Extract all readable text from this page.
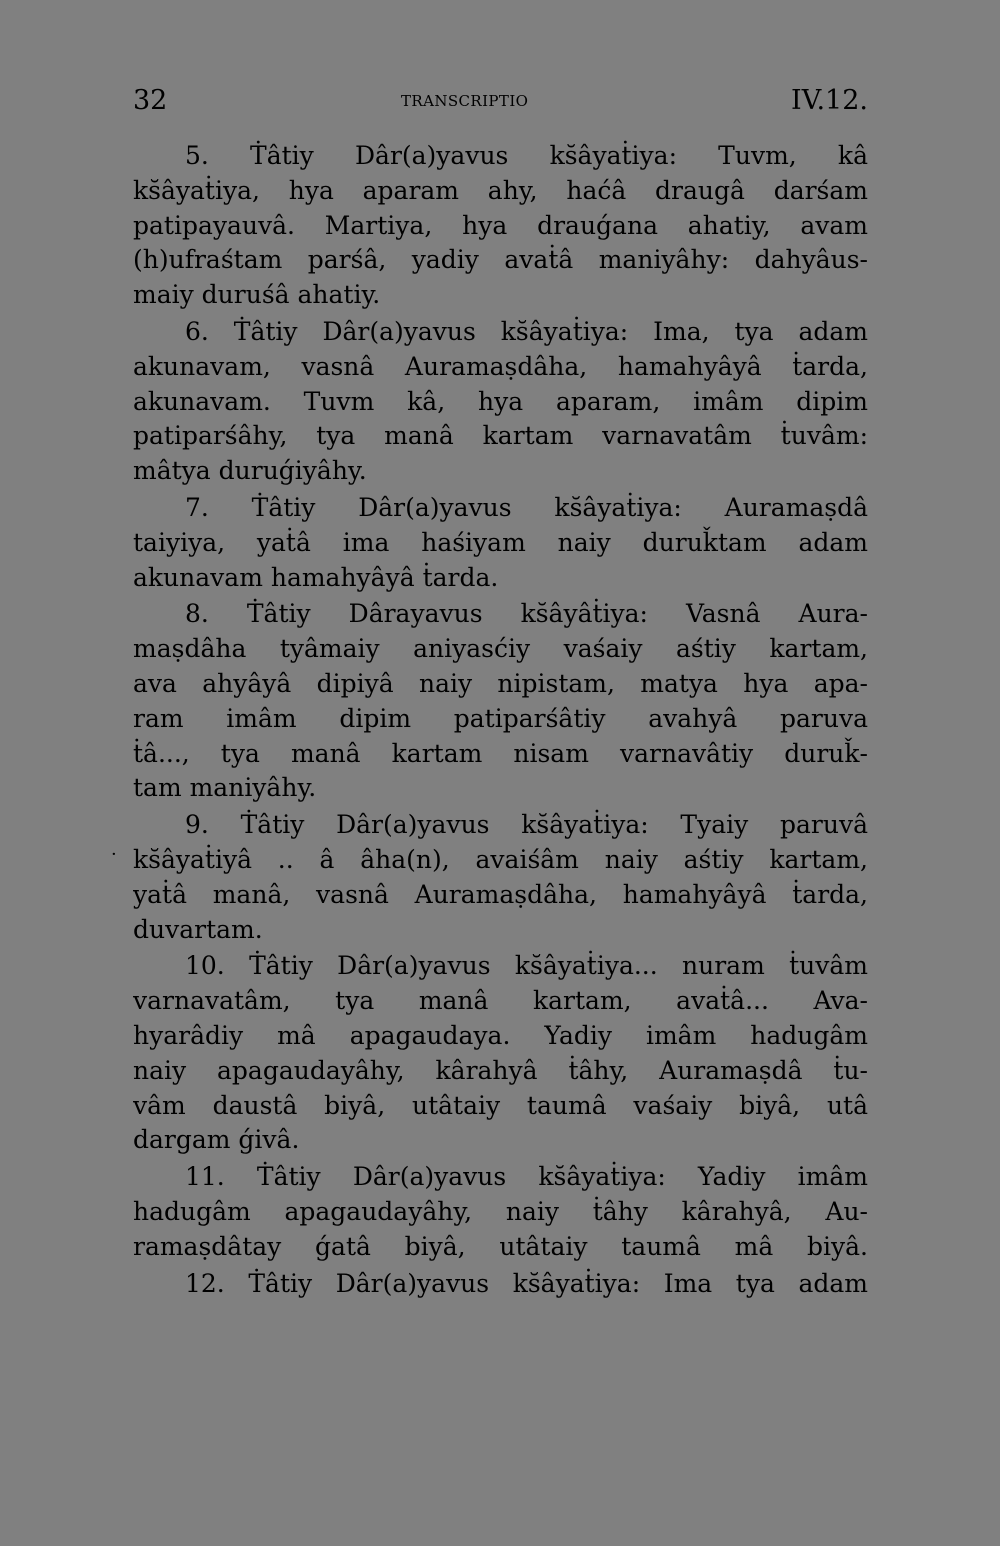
32	TRANSCRIPTIO	IV.12.
·
5. Ṫâtiy Dâr(a)yavus ks̆âyaṫiya: Tuvm, kâ
ks̆âyaṫiya, hya aparam ahy, haćâ draugâ darśam
patipayauvâ. Martiya, hya drauǵana ahatiy, avam
(h)ufraśtam parśâ, yadiy avaṫâ maniyâhy: dahyâus-
maiy duruśâ ahatiy.
6. Ṫâtiy Dâr(a)yavus ks̆âyaṫiya: Ima, tya adam
akunavam, vasnâ Auramaṣdâha, hamahyâyâ ṫarda,
akunavam. Tuvm kâ, hya aparam, imâm dipim
patiparśâhy, tya manâ kartam varnavatâm ṫuvâm:
mâtya duruǵiyâhy.
7. Ṫâtiy Dâr(a)yavus ks̆âyaṫiya: Auramaṣdâ
taiyiya, yaṫâ ima haśiyam naiy duruǩtam adam
akunavam hamahyâyâ ṫarda.
8. Ṫâtiy Dârayavus ks̆âyâṫiya: Vasnâ Aura-
maṣdâha tyâmaiy aniyasćiy vaśaiy aśtiy kartam,
ava ahyâyâ dipiyâ naiy nipistam, matya hya apa-
ram imâm dipim patiparśâtiy avahyâ paruva
ṫâ..., tya manâ kartam nisam varnavâtiy duruǩ-
tam maniyâhy.
9. Ṫâtiy Dâr(a)yavus ks̆âyaṫiya: Tyaiy paruvâ
ks̆âyaṫiyâ .. â âha(n), avaiśâm naiy aśtiy kartam,
yaṫâ manâ, vasnâ Auramaṣdâha, hamahyâyâ ṫarda,
duvartam.
10. Ṫâtiy Dâr(a)yavus ks̆âyaṫiya... nuram ṫuvâm
varnavatâm, tya manâ kartam, avaṫâ... Ava-
hyarâdiy mâ apagaudaya. Yadiy imâm hadugâm
naiy apagaudayâhy, kârahyâ ṫâhy, Auramaṣdâ ṫu-
vâm daustâ biyâ, utâtaiy taumâ vaśaiy biyâ, utâ
dargam ǵivâ.
11. Ṫâtiy Dâr(a)yavus ks̆âyaṫiya: Yadiy imâm
hadugâm apagaudayâhy, naiy ṫâhy kârahyâ, Au-
ramaṣdâtay ǵatâ biyâ, utâtaiy taumâ mâ biyâ.
12. Ṫâtiy Dâr(a)yavus ks̆âyaṫiya: Ima tya adam
